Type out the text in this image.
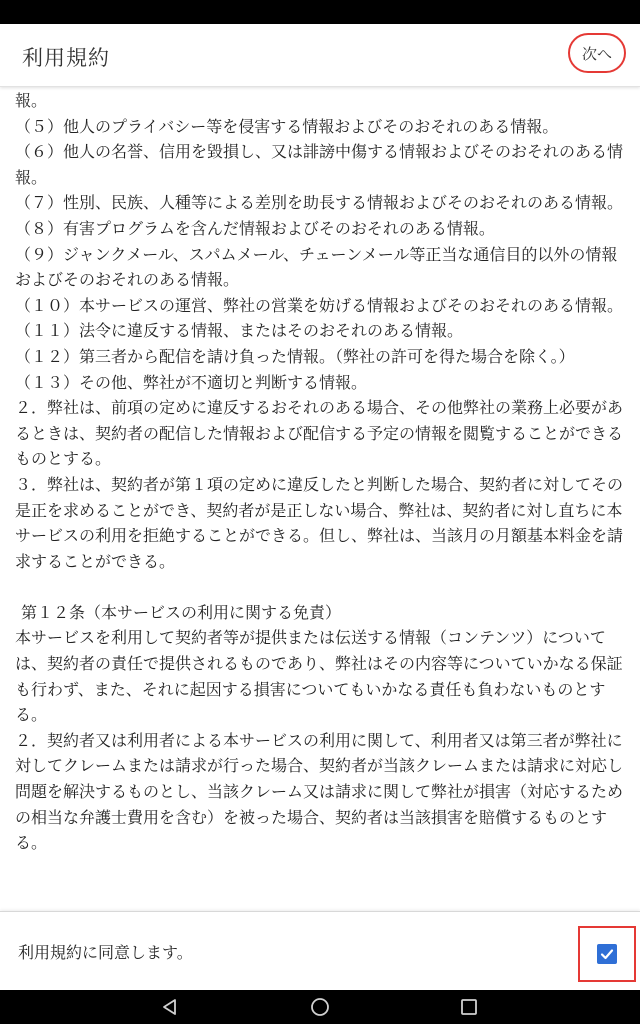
利用規約	次へ

報。

（５）他人のプライバシー等を侵害する情報およびそのおそれのある情報。

（６）他人の名誉、信用を毀損し、又は誹謗中傷する情報およびそのおそれのある情報。

（７）性別、民族、人種等による差別を助長する情報およびそのおそれのある情報。

（８）有害プログラムを含んだ情報およびそのおそれのある情報。

（９）ジャンクメール、スパムメール、チェーンメール等正当な通信目的以外の情報およびそのおそれのある情報。

（１０）本サービスの運営、弊社の営業を妨げる情報およびそのおそれのある情報。

（１１）法令に違反する情報、またはそのおそれのある情報。

（１２）第三者から配信を請け負った情報。（弊社の許可を得た場合を除く。）

（１３）その他、弊社が不適切と判断する情報。

２．弊社は、前項の定めに違反するおそれのある場合、その他弊社の業務上必要があるときは、契約者の配信した情報および配信する予定の情報を閲覧することができるものとする。

３．弊社は、契約者が第１項の定めに違反したと判断した場合、契約者に対してその是正を求めることができ、契約者が是正しない場合、弊社は、契約者に対し直ちに本サービスの利用を拒絶することができる。但し、弊社は、当該月の月額基本料金を請求することができる。

第１２条（本サービスの利用に関する免責）

本サービスを利用して契約者等が提供または伝送する情報（コンテンツ）については、契約者の責任で提供されるものであり、弊社はその内容等についていかなる保証も行わず、また、それに起因する損害についてもいかなる責任も負わないものとする。

２．契約者又は利用者による本サービスの利用に関して、利用者又は第三者が弊社に対してクレームまたは請求が行った場合、契約者が当該クレームまたは請求に対応し問題を解決するものとし、当該クレーム又は請求に関して弊社が損害（対応するための相当な弁護士費用を含む）を被った場合、契約者は当該損害を賠償するものとする。

利用規約に同意します。
